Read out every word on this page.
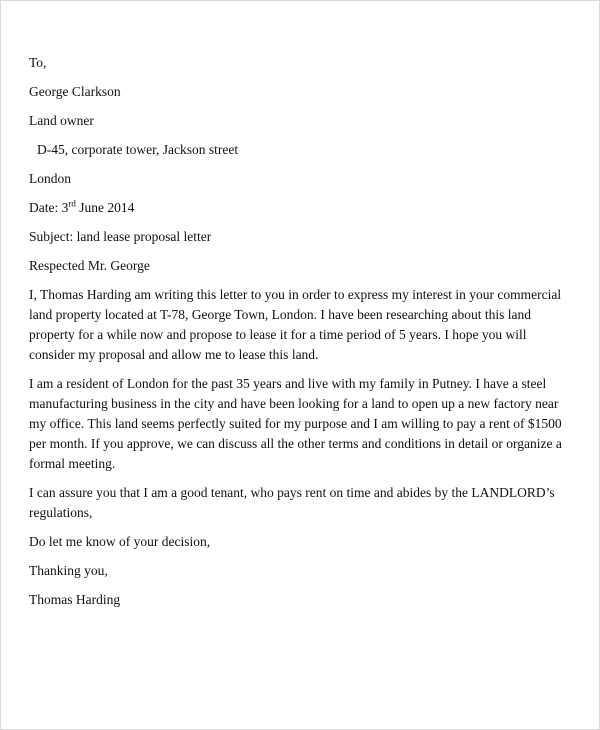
To,
George Clarkson
Land owner
D-45, corporate tower, Jackson street
London
Date: 3rd June 2014
Subject: land lease proposal letter
Respected Mr. George
I, Thomas Harding am writing this letter to you in order to express my interest in your commercial
land property located at T-78, George Town, London. I have been researching about this land
property for a while now and propose to lease it for a time period of 5 years. I hope you will
consider my proposal and allow me to lease this land.
I am a resident of London for the past 35 years and live with my family in Putney. I have a steel
manufacturing business in the city and have been looking for a land to open up a new factory near
my office. This land seems perfectly suited for my purpose and I am willing to pay a rent of $1500
per month. If you approve, we can discuss all the other terms and conditions in detail or organize a
formal meeting.
I can assure you that I am a good tenant, who pays rent on time and abides by the LANDLORD’s
regulations,
Do let me know of your decision,
Thanking you,
Thomas Harding
